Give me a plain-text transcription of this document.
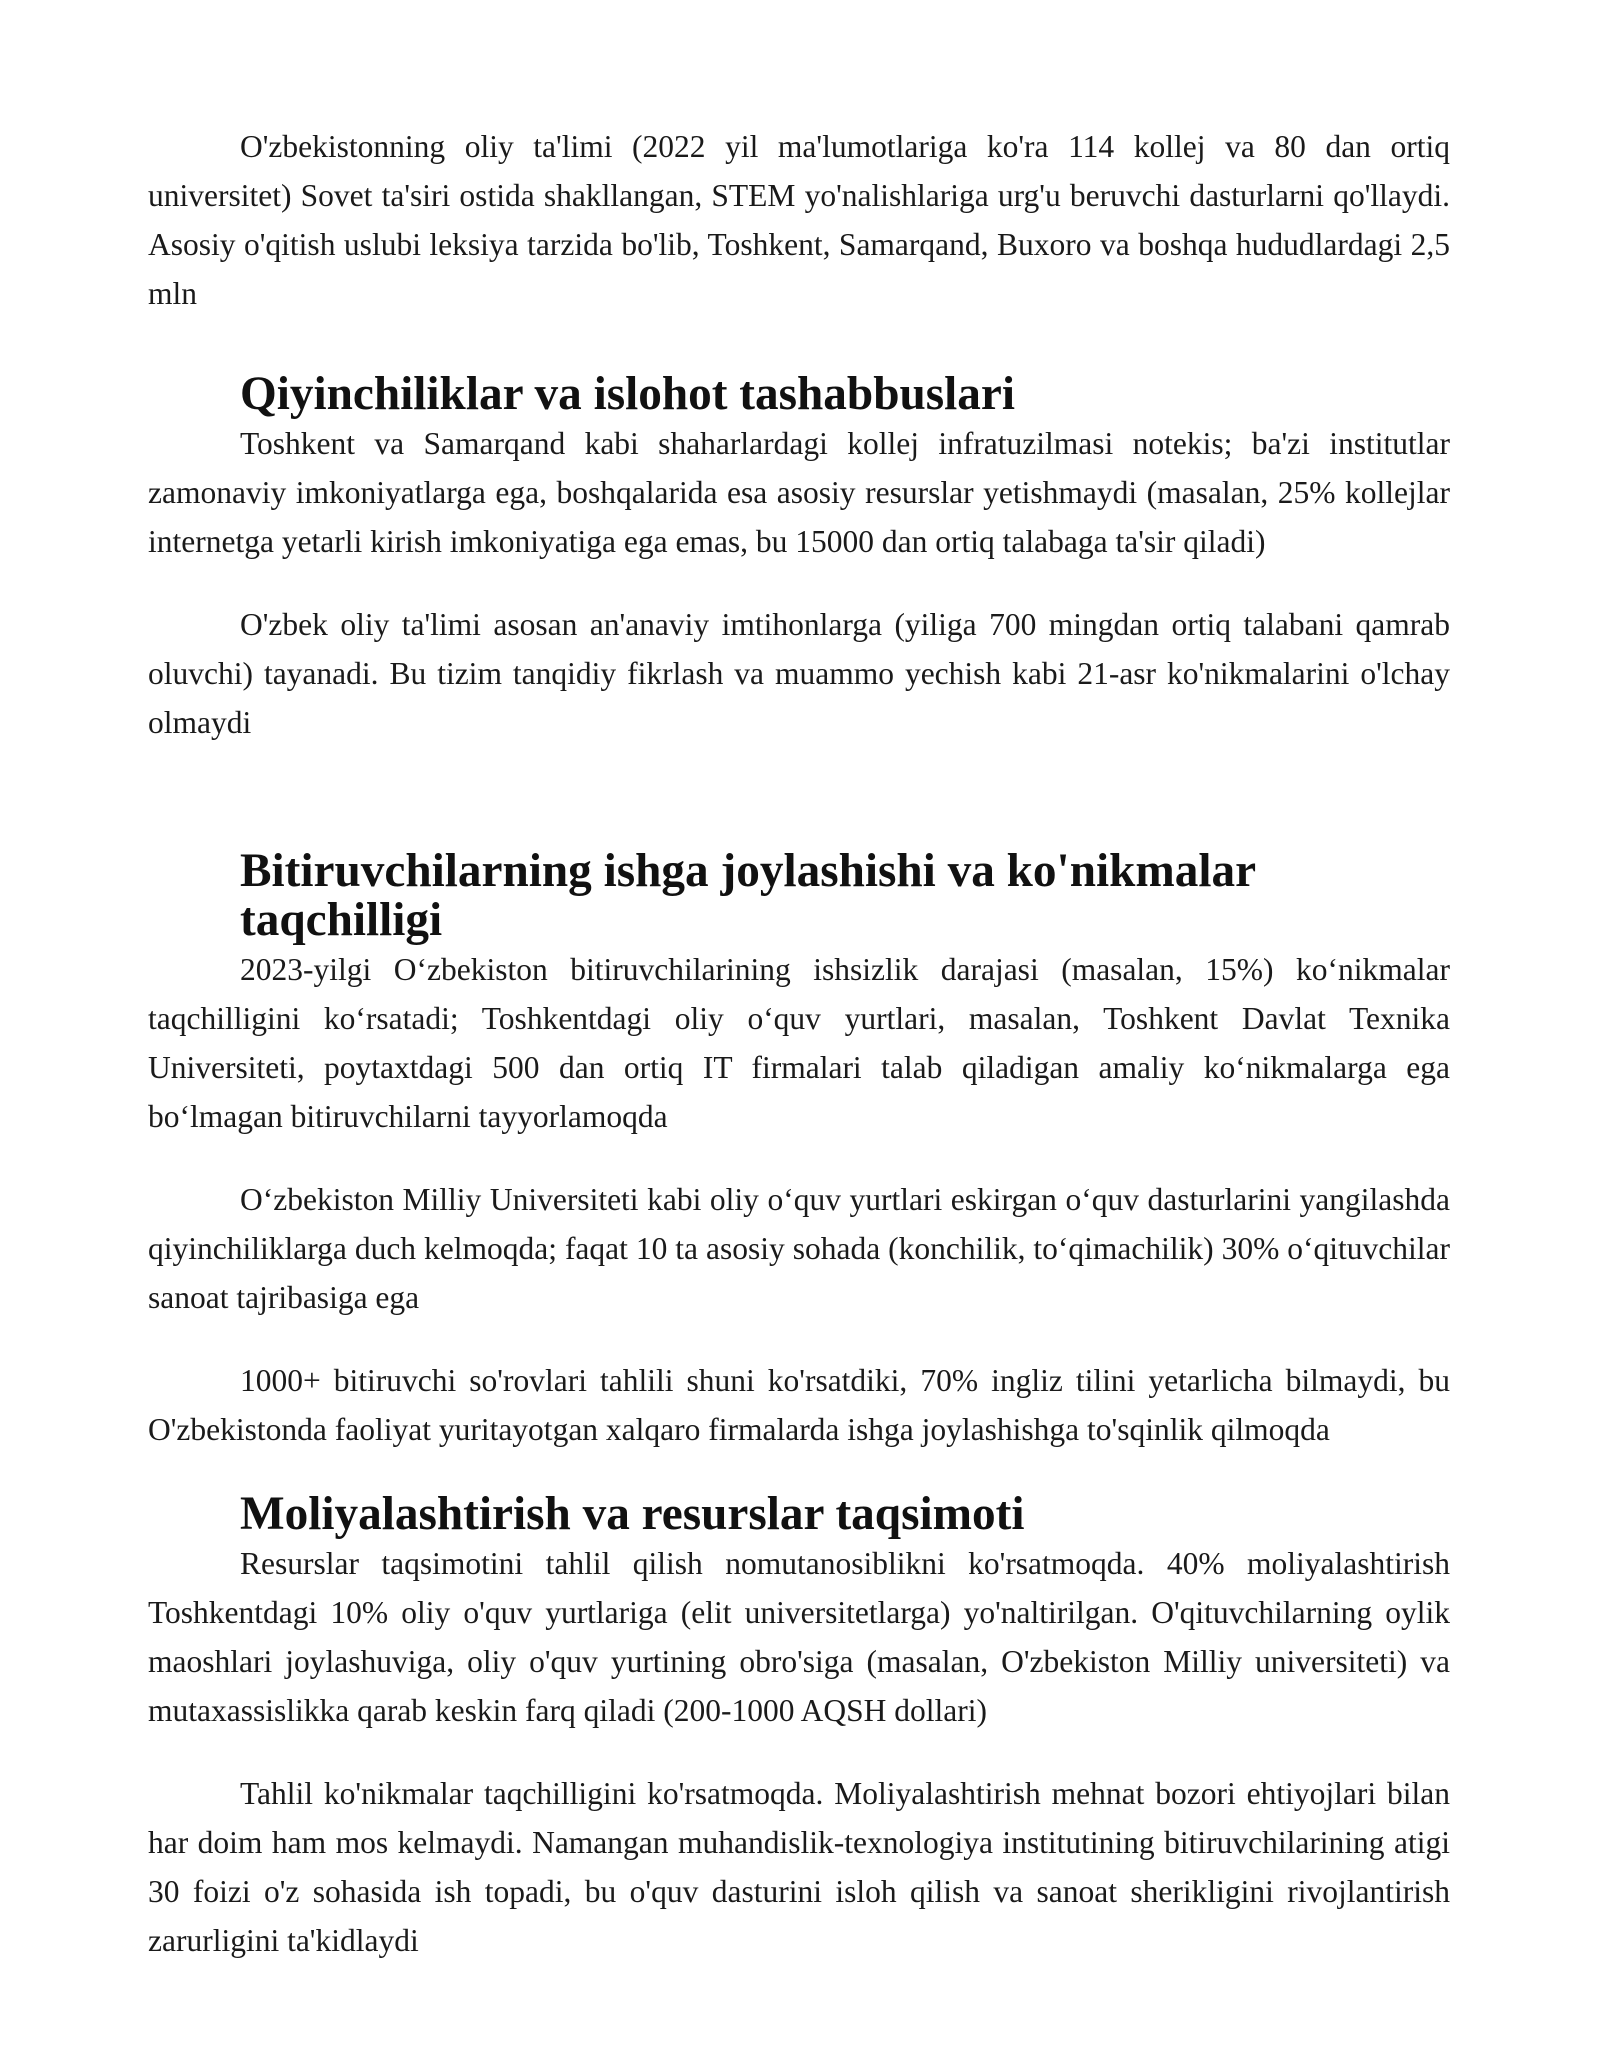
O'zbekistonning oliy ta'limi (2022 yil ma'lumotlariga ko'ra 114 kollej va 80 dan ortiq universitet) Sovet ta'siri ostida shakllangan, STEM yo'nalishlariga urg'u beruvchi dasturlarni qo'llaydi. Asosiy o'qitish uslubi leksiya tarzida bo'lib, Toshkent, Samarqand, Buxoro va boshqa hududlardagi 2,5 mln

Qiyinchiliklar va islohot tashabbuslari

Toshkent va Samarqand kabi shaharlardagi kollej infratuzilmasi notekis; ba'zi institutlar zamonaviy imkoniyatlarga ega, boshqalarida esa asosiy resurslar yetishmaydi (masalan, 25% kollejlar internetga yetarli kirish imkoniyatiga ega emas, bu 15000 dan ortiq talabaga ta'sir qiladi)

O'zbek oliy ta'limi asosan an'anaviy imtihonlarga (yiliga 700 mingdan ortiq talabani qamrab oluvchi) tayanadi. Bu tizim tanqidiy fikrlash va muammo yechish kabi 21-asr ko'nikmalarini o'lchay olmaydi

Bitiruvchilarning ishga joylashishi va ko'nikmalar taqchilligi

2023-yilgi O‘zbekiston bitiruvchilarining ishsizlik darajasi (masalan, 15%) ko‘nikmalar taqchilligini ko‘rsatadi; Toshkentdagi oliy o‘quv yurtlari, masalan, Toshkent Davlat Texnika Universiteti, poytaxtdagi 500 dan ortiq IT firmalari talab qiladigan amaliy ko‘nikmalarga ega bo‘lmagan bitiruvchilarni tayyorlamoqda

O‘zbekiston Milliy Universiteti kabi oliy o‘quv yurtlari eskirgan o‘quv dasturlarini yangilashda qiyinchiliklarga duch kelmoqda; faqat 10 ta asosiy sohada (konchilik, to‘qimachilik) 30% o‘qituvchilar sanoat tajribasiga ega

1000+ bitiruvchi so'rovlari tahlili shuni ko'rsatdiki, 70% ingliz tilini yetarlicha bilmaydi, bu O'zbekistonda faoliyat yuritayotgan xalqaro firmalarda ishga joylashishga to'sqinlik qilmoqda

Moliyalashtirish va resurslar taqsimoti

Resurslar taqsimotini tahlil qilish nomutanosiblikni ko'rsatmoqda. 40% moliyalashtirish Toshkentdagi 10% oliy o'quv yurtlariga (elit universitetlarga) yo'naltirilgan. O'qituvchilarning oylik maoshlari joylashuviga, oliy o'quv yurtining obro'siga (masalan, O'zbekiston Milliy universiteti) va mutaxassislikka qarab keskin farq qiladi (200-1000 AQSH dollari)

Tahlil ko'nikmalar taqchilligini ko'rsatmoqda. Moliyalashtirish mehnat bozori ehtiyojlari bilan har doim ham mos kelmaydi. Namangan muhandislik-texnologiya institutining bitiruvchilarining atigi 30 foizi o'z sohasida ish topadi, bu o'quv dasturini isloh qilish va sanoat sherikligini rivojlantirish zarurligini ta'kidlaydi
